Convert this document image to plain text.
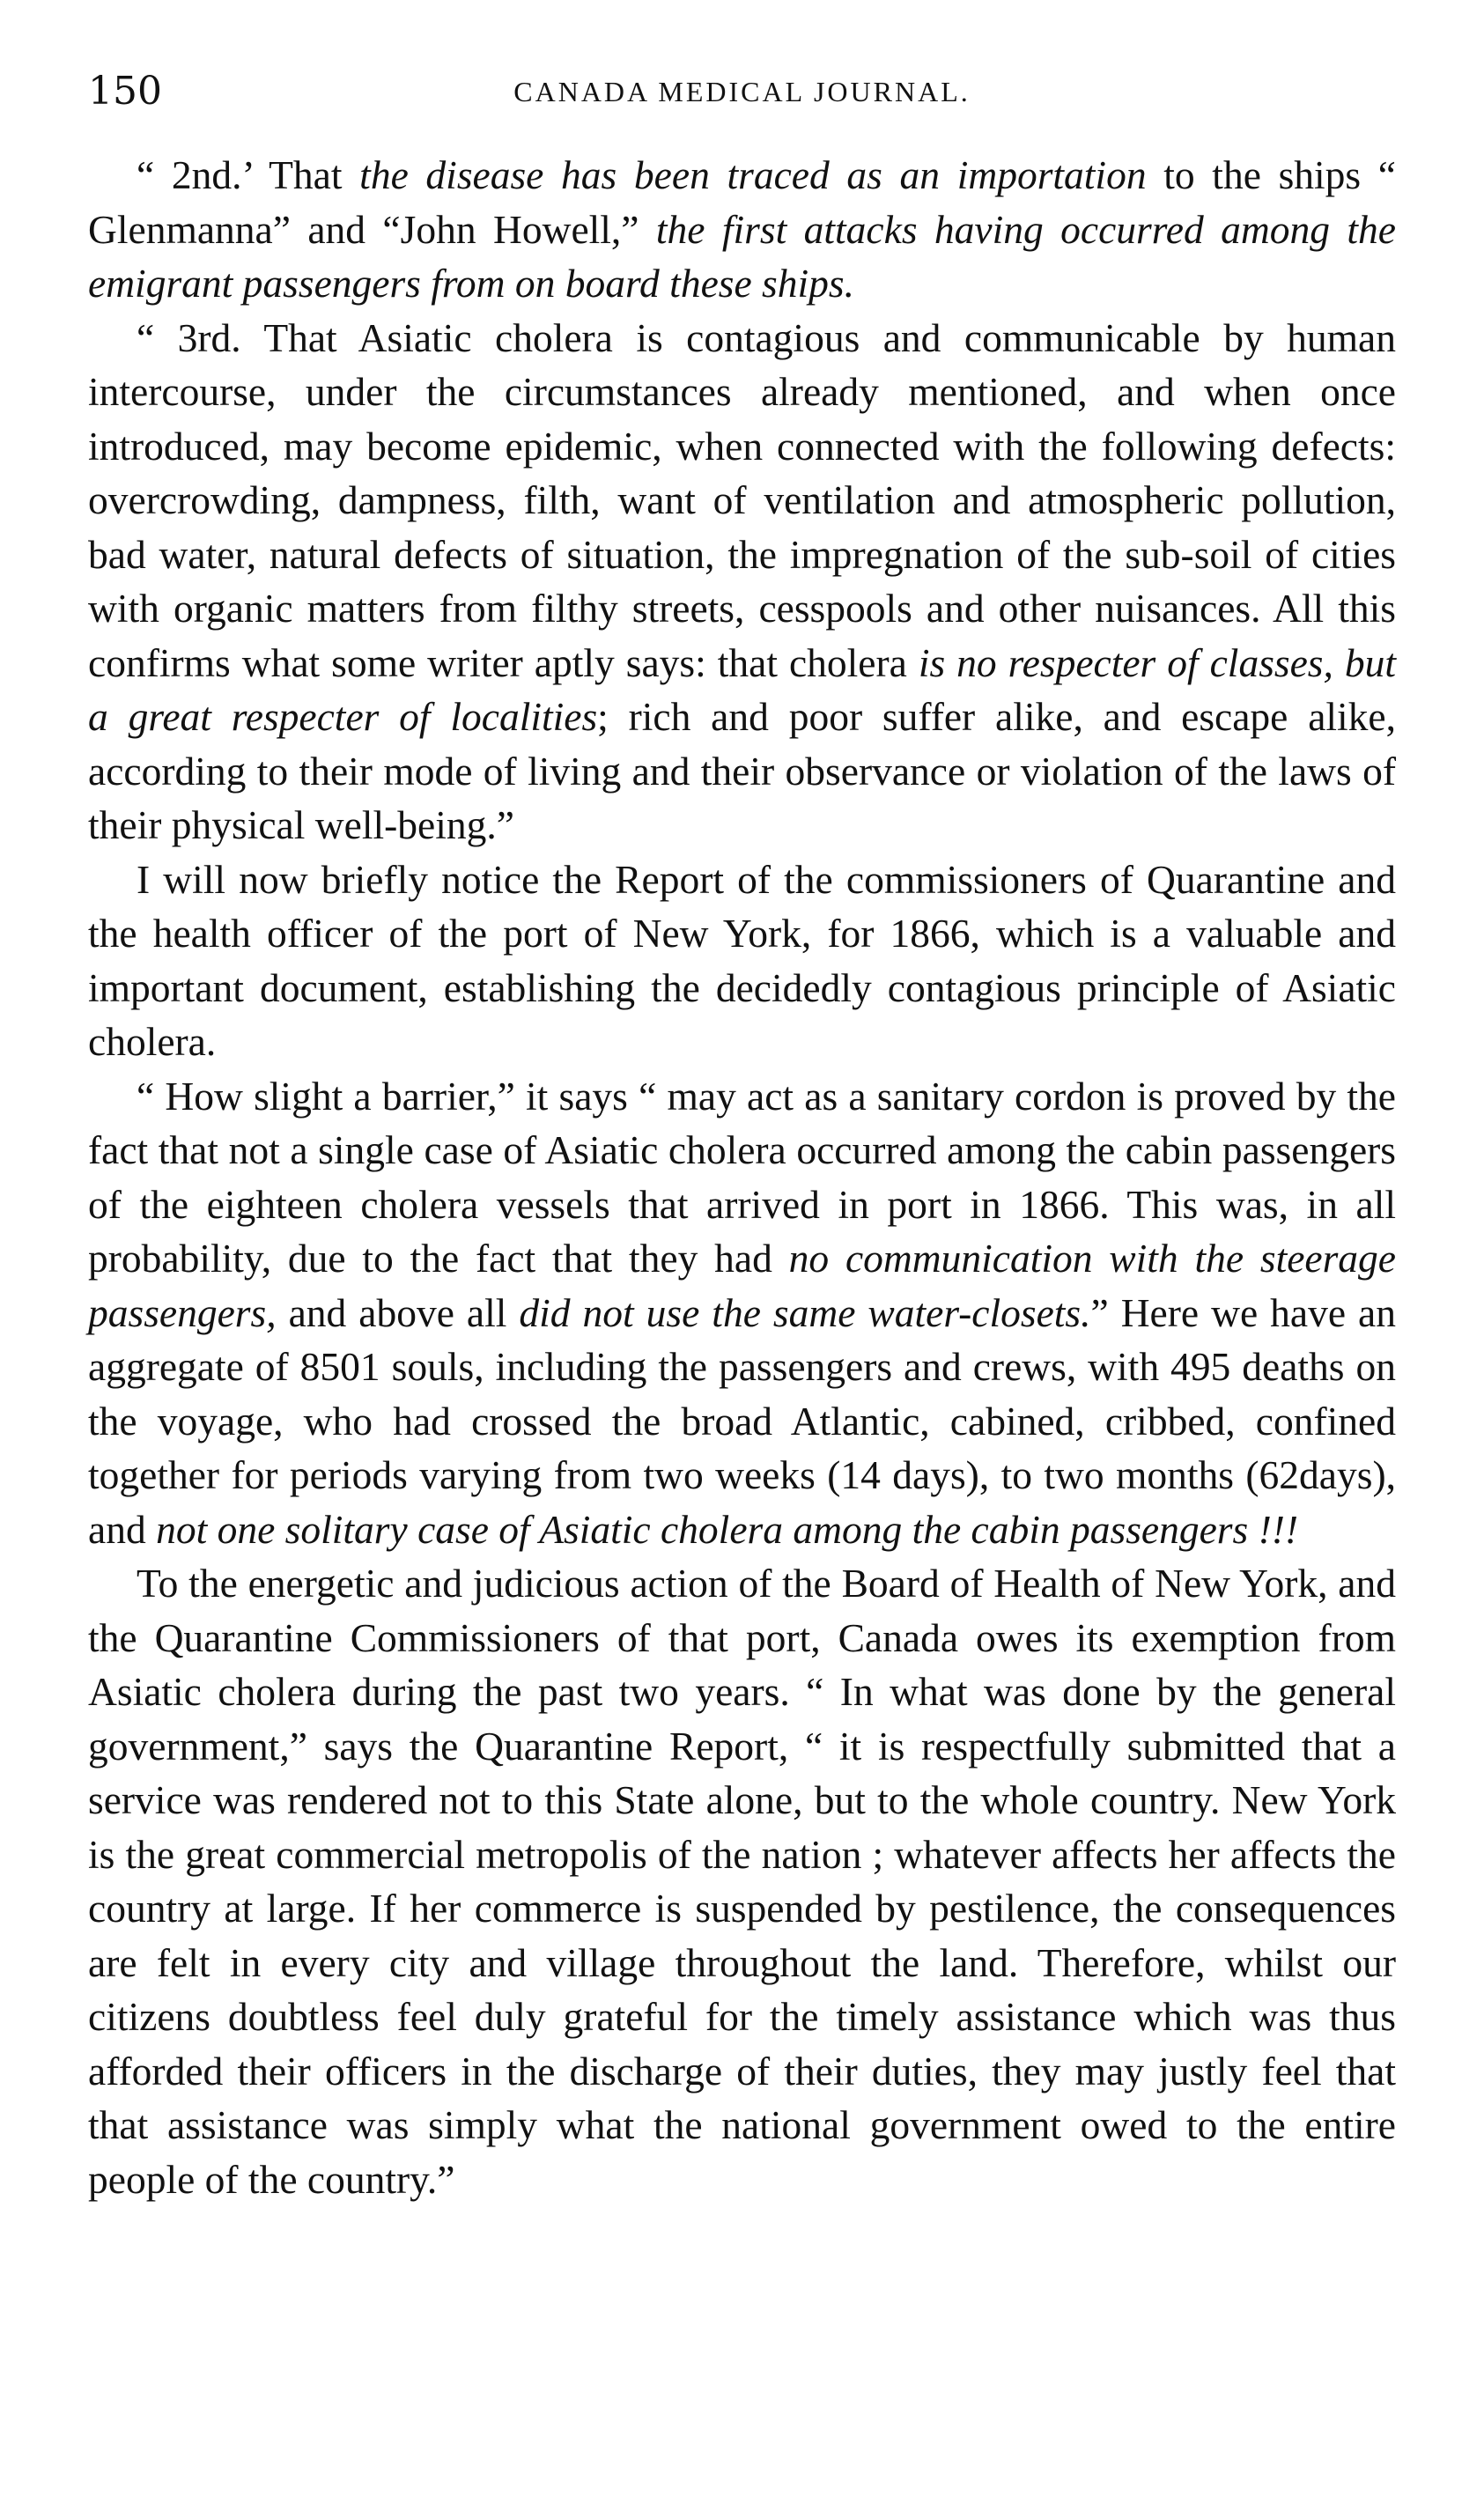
150	CANADA MEDICAL JOURNAL.

“ 2nd.’ That the disease has been traced as an importation to the ships “ Glenmanna” and “John Howell,” the first attacks having occurred among the emigrant passengers from on board these ships.

“ 3rd. That Asiatic cholera is contagious and communicable by human intercourse, under the circumstances already mentioned, and when once introduced, may become epidemic, when connected with the following defects: overcrowding, dampness, filth, want of ventilation and atmospheric pollution, bad water, natural defects of situation, the impregnation of the sub-soil of cities with organic matters from filthy streets, cesspools and other nuisances. All this confirms what some writer aptly says: that cholera is no respecter of classes, but a great respecter of localities; rich and poor suffer alike, and escape alike, according to their mode of living and their observance or violation of the laws of their physical well-being.”

I will now briefly notice the Report of the commissioners of Quarantine and the health officer of the port of New York, for 1866, which is a valuable and important document, establishing the decidedly contagious principle of Asiatic cholera.

“ How slight a barrier,” it says “ may act as a sanitary cordon is proved by the fact that not a single case of Asiatic cholera occurred among the cabin passengers of the eighteen cholera vessels that arrived in port in 1866. This was, in all probability, due to the fact that they had no communication with the steerage passengers, and above all did not use the same water-closets.” Here we have an aggregate of 8501 souls, including the passengers and crews, with 495 deaths on the voyage, who had crossed the broad Atlantic, cabined, cribbed, confined together for periods varying from two weeks (14 days), to two months (62days), and not one solitary case of Asiatic cholera among the cabin passengers !!!

To the energetic and judicious action of the Board of Health of New York, and the Quarantine Commissioners of that port, Canada owes its exemption from Asiatic cholera during the past two years. “ In what was done by the general government,” says the Quarantine Report, “ it is respectfully submitted that a service was rendered not to this State alone, but to the whole country. New York is the great commercial metropolis of the nation ; whatever affects her affects the country at large. If her commerce is suspended by pestilence, the consequences are felt in every city and village throughout the land. Therefore, whilst our citizens doubtless feel duly grateful for the timely assistance which was thus afforded their officers in the discharge of their duties, they may justly feel that that assistance was simply what the national government owed to the entire people of the country.”
